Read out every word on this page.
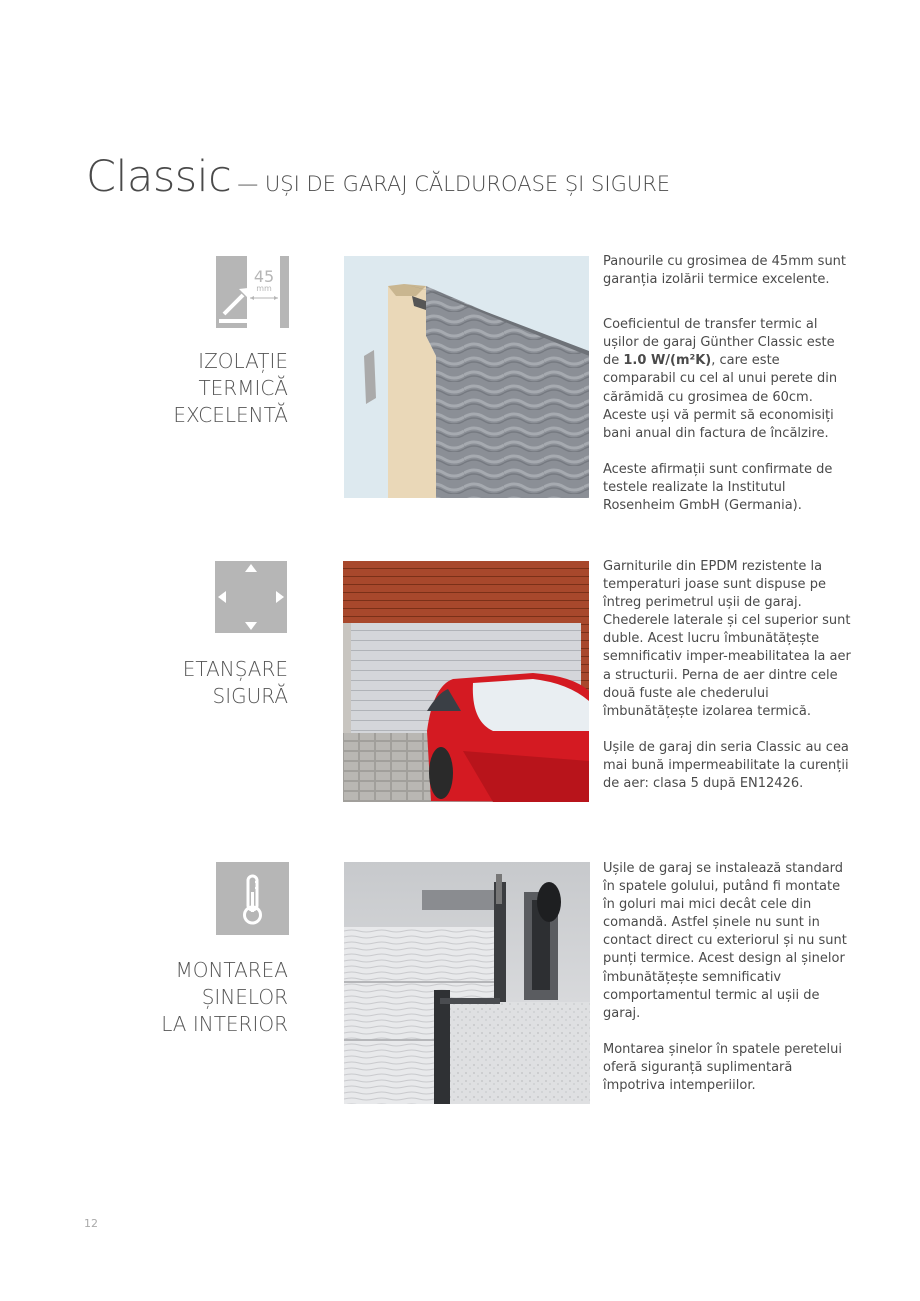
Classic — UȘI DE GARAJ CĂLDUROASE ȘI SIGURE
45
mm
IZOLAȚIE
TERMICĂ
EXCELENTĂ

Panourile cu grosimea de 45mm sunt garanția izolării termice excelente.

Coeficientul de transfer termic al ușilor de garaj Günther Classic este de 1.0 W/(m²K), care este comparabil cu cel al unui perete din cărămidă cu grosimea de 60cm. Aceste uși vă permit să economisiți bani anual din factura de încălzire.

Aceste afirmații sunt confirmate de testele realizate la Institutul Rosenheim GmbH (Germania).

ETANȘARE
SIGURĂ

Garniturile din EPDM rezistente la temperaturi joase sunt dispuse pe întreg perimetrul ușii de garaj. Chederele laterale și cel superior sunt duble. Acest lucru îmbunătățește semnificativ imper-meabilitatea la aer a structurii. Perna de aer dintre cele două fuste ale chederului îmbunătățește izolarea termică.

Ușile de garaj din seria Classic au cea mai bună impermeabilitate la curenții de aer: clasa 5 după EN12426.

MONTAREA
ȘINELOR
LA INTERIOR

Ușile de garaj se instalează standard în spatele golului, putând fi montate în goluri mai mici decât cele din comandă. Astfel șinele nu sunt in contact direct cu exteriorul și nu sunt punți termice. Acest design al șinelor îmbunătățește semnificativ comportamentul termic al ușii de garaj.

Montarea șinelor în spatele peretelui oferă siguranță suplimentară împotriva intemperiilor.

12
